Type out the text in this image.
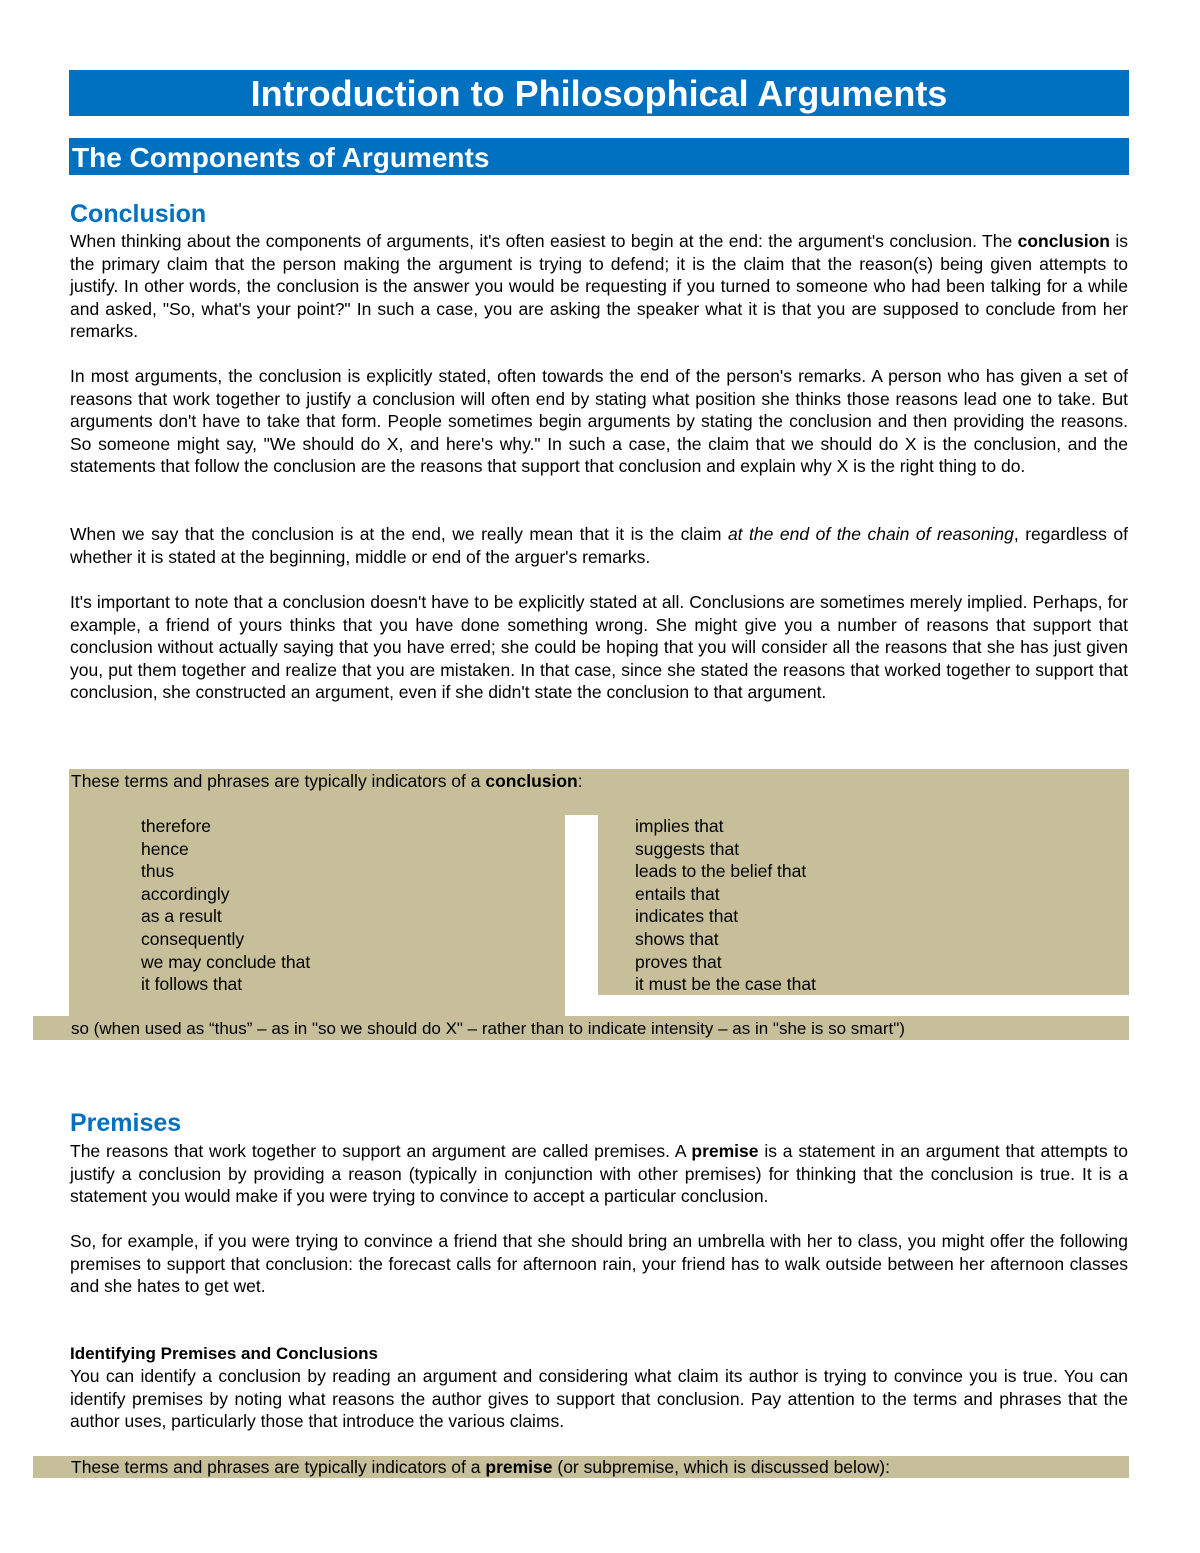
Introduction to Philosophical Arguments
The Components of Arguments
Conclusion

When thinking about the components of arguments, it's often easiest to begin at the end: the argument's conclusion. The conclusion is the primary claim that the person making the argument is trying to defend; it is the claim that the reason(s) being given attempts to justify. In other words, the conclusion is the answer you would be requesting if you turned to someone who had been talking for a while and asked, "So, what's your point?" In such a case, you are asking the speaker what it is that you are supposed to conclude from her remarks.

In most arguments, the conclusion is explicitly stated, often towards the end of the person's remarks. A person who has given a set of reasons that work together to justify a conclusion will often end by stating what position she thinks those reasons lead one to take. But arguments don't have to take that form. People sometimes begin arguments by stating the conclusion and then providing the reasons. So someone might say, "We should do X, and here's why." In such a case, the claim that we should do X is the conclusion, and the statements that follow the conclusion are the reasons that support that conclusion and explain why X is the right thing to do.

When we say that the conclusion is at the end, we really mean that it is the claim at the end of the chain of reasoning, regardless of whether it is stated at the beginning, middle or end of the arguer's remarks.

It's important to note that a conclusion doesn't have to be explicitly stated at all. Conclusions are sometimes merely implied. Perhaps, for example, a friend of yours thinks that you have done something wrong. She might give you a number of reasons that support that conclusion without actually saying that you have erred; she could be hoping that you will consider all the reasons that she has just given you, put them together and realize that you are mistaken. In that case, since she stated the reasons that worked together to support that conclusion, she constructed an argument, even if she didn't state the conclusion to that argument.

These terms and phrases are typically indicators of a conclusion:
therefore
hence
thus
accordingly
as a result
consequently
we may conclude that
it follows that
implies that
suggests that
leads to the belief that
entails that
indicates that
shows that
proves that
it must be the case that
so (when used as “thus” – as in "so we should do X" – rather than to indicate intensity – as in "she is so smart")
Premises

The reasons that work together to support an argument are called premises. A premise is a statement in an argument that attempts to justify a conclusion by providing a reason (typically in conjunction with other premises) for thinking that the conclusion is true. It is a statement you would make if you were trying to convince to accept a particular conclusion.

So, for example, if you were trying to convince a friend that she should bring an umbrella with her to class, you might offer the following premises to support that conclusion: the forecast calls for afternoon rain, your friend has to walk outside between her afternoon classes and she hates to get wet.

Identifying Premises and Conclusions

You can identify a conclusion by reading an argument and considering what claim its author is trying to convince you is true. You can identify premises by noting what reasons the author gives to support that conclusion. Pay attention to the terms and phrases that the author uses, particularly those that introduce the various claims.

These terms and phrases are typically indicators of a premise (or subpremise, which is discussed below):
